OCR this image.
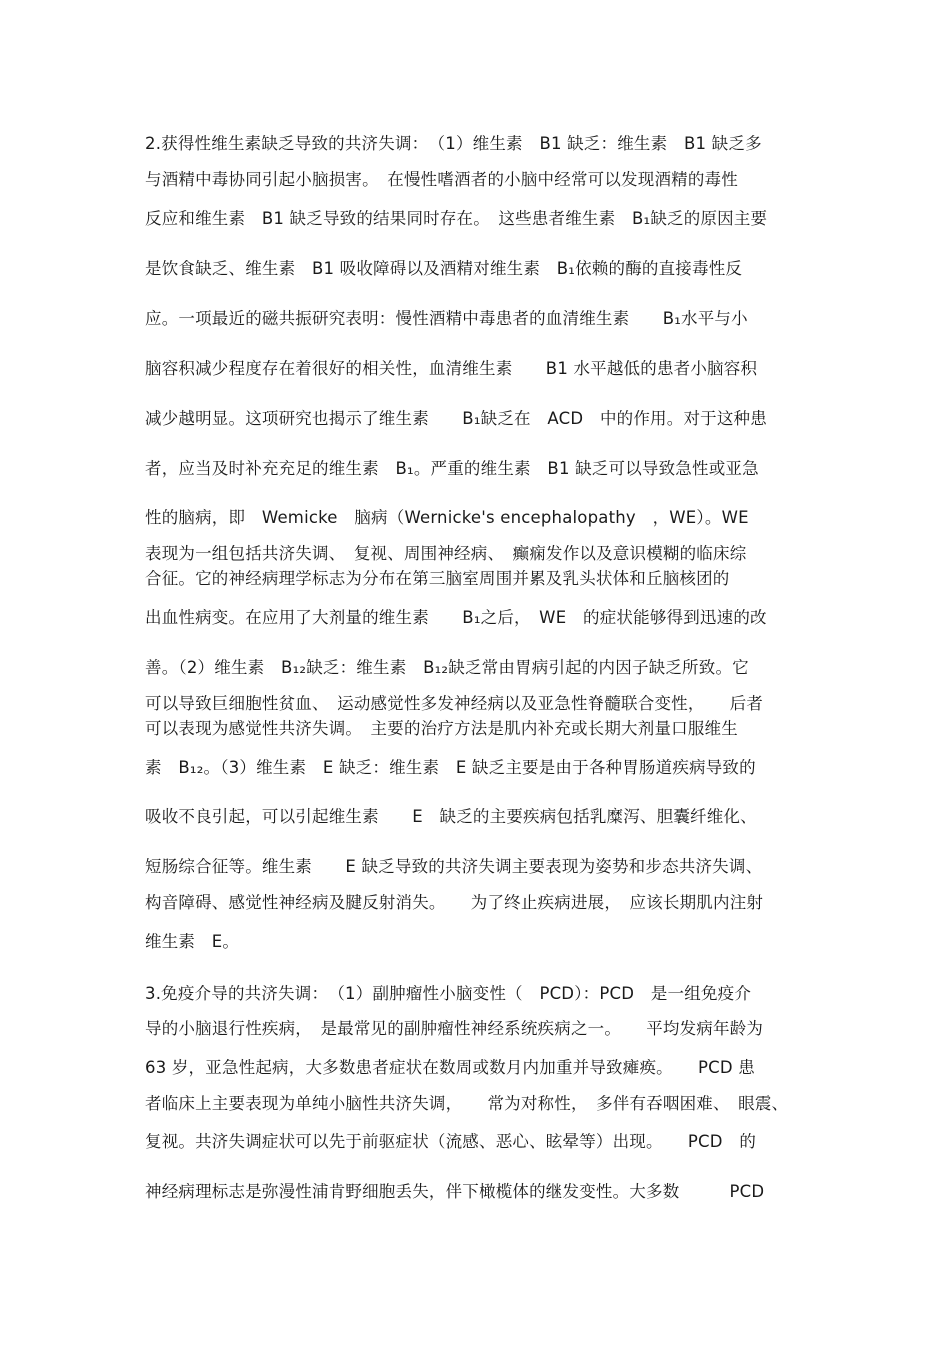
2.获得性维生素缺乏导致的共济失调：　（1）维生素　B1 缺乏：维生素　B1 缺乏多
与酒精中毒协同引起小脑损害。　在慢性嗜酒者的小脑中经常可以发现酒精的毒性
反应和维生素　B1 缺乏导致的结果同时存在。　这些患者维生素　B₁缺乏的原因主要
是饮食缺乏、维生素　B1 吸收障碍以及酒精对维生素　B₁依赖的酶的直接毒性反
应。一项最近的磁共振研究表明：慢性酒精中毒患者的血清维生素　　B₁水平与小
脑容积减少程度存在着很好的相关性，血清维生素　　B1 水平越低的患者小脑容积
减少越明显。这项研究也揭示了维生素　　B₁缺乏在　ACD　中的作用。对于这种患
者，应当及时补充充足的维生素　B₁。严重的维生素　B1 缺乏可以导致急性或亚急
性的脑病，即　Wemicke　脑病（Wernicke's encephalopathy　，WE）。WE
表现为一组包括共济失调、　复视、周围神经病、　癫痫发作以及意识模糊的临床综
合征。它的神经病理学标志为分布在第三脑室周围并累及乳头状体和丘脑核团的
出血性病变。在应用了大剂量的维生素　　B₁之后，　WE　的症状能够得到迅速的改
善。（2）维生素　B₁₂缺乏：维生素　B₁₂缺乏常由胃病引起的内因子缺乏所致。它
可以导致巨细胞性贫血、　运动感觉性多发神经病以及亚急性脊髓联合变性，　　后者
可以表现为感觉性共济失调。　主要的治疗方法是肌内补充或长期大剂量口服维生
素　B₁₂。（3）维生素　E 缺乏：维生素　E 缺乏主要是由于各种胃肠道疾病导致的
吸收不良引起，可以引起维生素　　E　缺乏的主要疾病包括乳糜泻、胆囊纤维化、
短肠综合征等。维生素　　E 缺乏导致的共济失调主要表现为姿势和步态共济失调、
构音障碍、感觉性神经病及腱反射消失。　　为了终止疾病进展，　应该长期肌内注射
维生素　E。
3.免疫介导的共济失调：　（1）副肿瘤性小脑变性（　PCD）：PCD　是一组免疫介
导的小脑退行性疾病，　是最常见的副肿瘤性神经系统疾病之一。　　平均发病年龄为
63 岁，亚急性起病，大多数患者症状在数周或数月内加重并导致瘫痪。　　PCD 患
者临床上主要表现为单纯小脑性共济失调，　　常为对称性，　多伴有吞咽困难、　眼震、
复视。共济失调症状可以先于前驱症状（流感、恶心、眩晕等）出现。　　PCD　的
神经病理标志是弥漫性浦肯野细胞丢失，伴下橄榄体的继发变性。大多数　　　PCD
